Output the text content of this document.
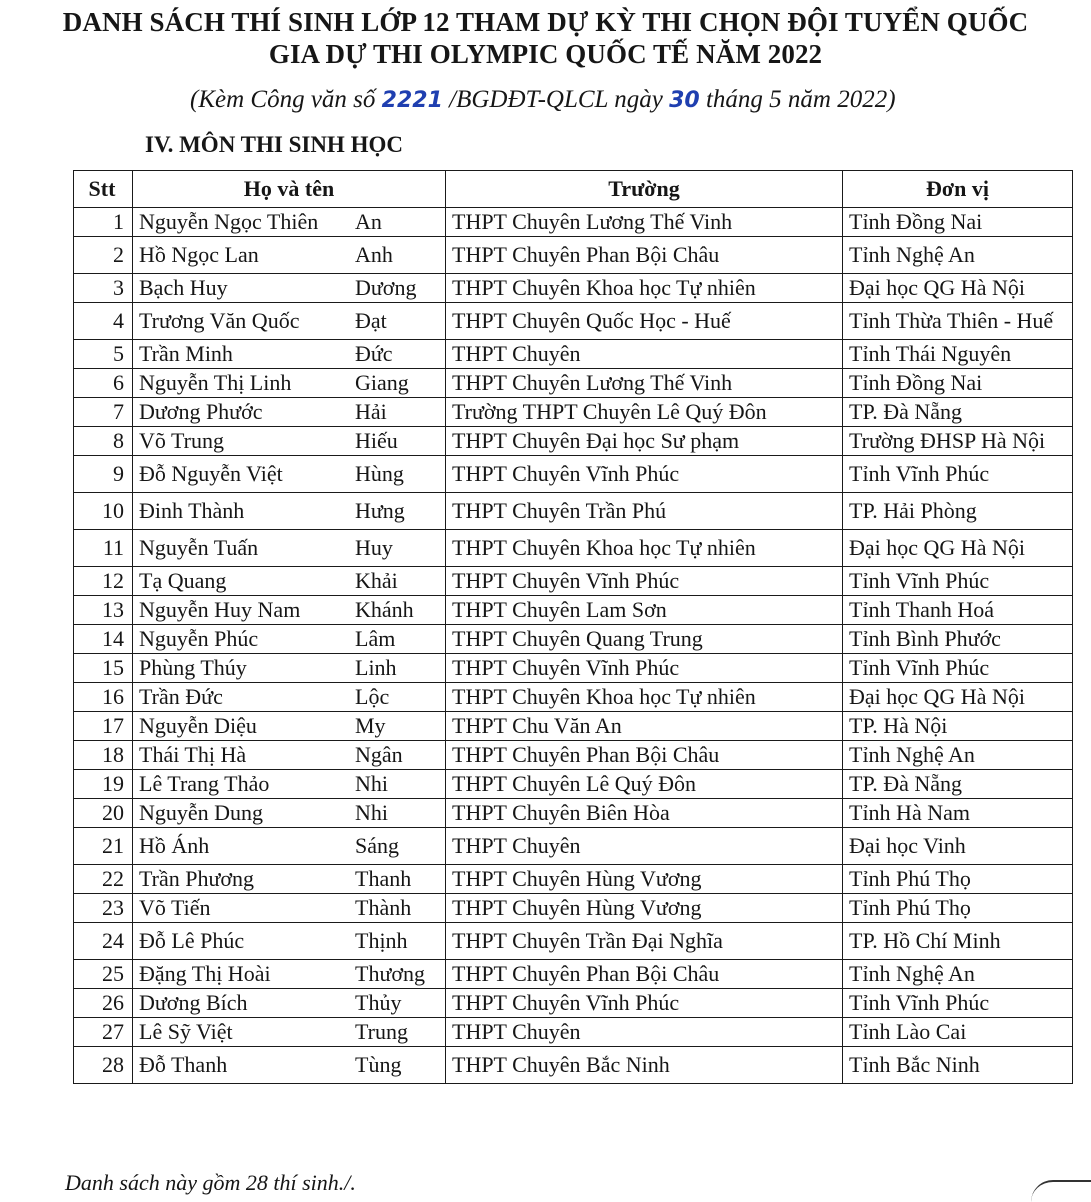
DANH SÁCH THÍ SINH LỚP 12 THAM DỰ KỲ THI CHỌN ĐỘI TUYỂN QUỐC
GIA DỰ THI OLYMPIC QUỐC TẾ NĂM 2022
(Kèm Công văn số 2221 /BGDĐT-QLCL ngày 30 tháng 5 năm 2022)
IV. MÔN THI SINH HỌC
Stt	Họ và tên	Trường	Đơn vị
1	Nguyễn Ngọc Thiên An	THPT Chuyên Lương Thế Vinh	Tỉnh Đồng Nai
2	Hồ Ngọc Lan Anh	THPT Chuyên Phan Bội Châu	Tỉnh Nghệ An
3	Bạch Huy Dương	THPT Chuyên Khoa học Tự nhiên	Đại học QG Hà Nội
4	Trương Văn Quốc Đạt	THPT Chuyên Quốc Học - Huế	Tỉnh Thừa Thiên - Huế
5	Trần Minh Đức	THPT Chuyên	Tỉnh Thái Nguyên
6	Nguyễn Thị Linh Giang	THPT Chuyên Lương Thế Vinh	Tỉnh Đồng Nai
7	Dương Phước Hải	Trường THPT Chuyên Lê Quý Đôn	TP. Đà Nẵng
8	Võ Trung Hiếu	THPT Chuyên Đại học Sư phạm	Trường ĐHSP Hà Nội
9	Đỗ Nguyễn Việt Hùng	THPT Chuyên Vĩnh Phúc	Tỉnh Vĩnh Phúc
10	Đinh Thành Hưng	THPT Chuyên Trần Phú	TP. Hải Phòng
11	Nguyễn Tuấn Huy	THPT Chuyên Khoa học Tự nhiên	Đại học QG Hà Nội
12	Tạ Quang Khải	THPT Chuyên Vĩnh Phúc	Tỉnh Vĩnh Phúc
13	Nguyễn Huy Nam Khánh	THPT Chuyên Lam Sơn	Tỉnh Thanh Hoá
14	Nguyễn Phúc Lâm	THPT Chuyên Quang Trung	Tỉnh Bình Phước
15	Phùng Thúy Linh	THPT Chuyên Vĩnh Phúc	Tỉnh Vĩnh Phúc
16	Trần Đức Lộc	THPT Chuyên Khoa học Tự nhiên	Đại học QG Hà Nội
17	Nguyễn Diệu My	THPT Chu Văn An	TP. Hà Nội
18	Thái Thị Hà Ngân	THPT Chuyên Phan Bội Châu	Tỉnh Nghệ An
19	Lê Trang Thảo Nhi	THPT Chuyên Lê Quý Đôn	TP. Đà Nẵng
20	Nguyễn Dung Nhi	THPT Chuyên Biên Hòa	Tỉnh Hà Nam
21	Hồ Ánh Sáng	THPT Chuyên	Đại học Vinh
22	Trần Phương Thanh	THPT Chuyên Hùng Vương	Tỉnh Phú Thọ
23	Võ Tiến Thành	THPT Chuyên Hùng Vương	Tỉnh Phú Thọ
24	Đỗ Lê Phúc Thịnh	THPT Chuyên Trần Đại Nghĩa	TP. Hồ Chí Minh
25	Đặng Thị Hoài Thương	THPT Chuyên Phan Bội Châu	Tỉnh Nghệ An
26	Dương Bích Thủy	THPT Chuyên Vĩnh Phúc	Tỉnh Vĩnh Phúc
27	Lê Sỹ Việt Trung	THPT Chuyên	Tỉnh Lào Cai
28	Đỗ Thanh Tùng	THPT Chuyên Bắc Ninh	Tỉnh Bắc Ninh
Danh sách này gồm 28 thí sinh./.
